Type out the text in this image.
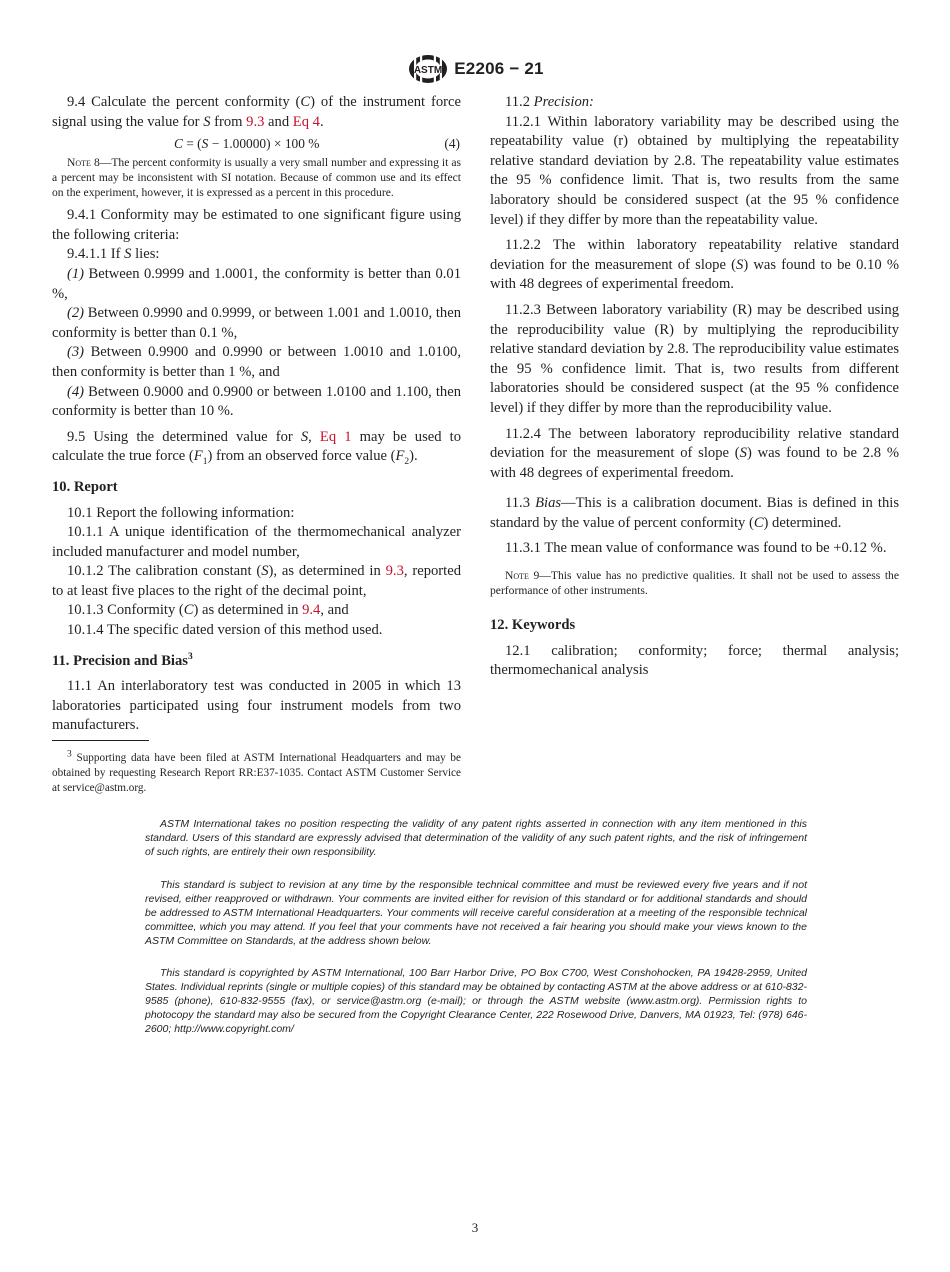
ASTM E2206 − 21

9.4 Calculate the percent conformity (C) of the instrument force signal using the value for S from 9.3 and Eq 4.

C = (S − 1.00000) × 100 %	(4)

Note 8—The percent conformity is usually a very small number and expressing it as a percent may be inconsistent with SI notation. Because of common use and its effect on the experiment, however, it is expressed as a percent in this procedure.

9.4.1 Conformity may be estimated to one significant figure using the following criteria:

9.4.1.1 If S lies:

(1) Between 0.9999 and 1.0001, the conformity is better than 0.01 %,

(2) Between 0.9990 and 0.9999, or between 1.001 and 1.0010, then conformity is better than 0.1 %,

(3) Between 0.9900 and 0.9990 or between 1.0010 and 1.0100, then conformity is better than 1 %, and

(4) Between 0.9000 and 0.9900 or between 1.0100 and 1.100, then conformity is better than 10 %.

9.5 Using the determined value for S, Eq 1 may be used to calculate the true force $(F_1)$ from an observed force value $(F_2)$.

10. Report

10.1 Report the following information:

10.1.1 A unique identification of the thermomechanical analyzer included manufacturer and model number,

10.1.2 The calibration constant (S), as determined in 9.3, reported to at least five places to the right of the decimal point,

10.1.3 Conformity (C) as determined in 9.4, and

10.1.4 The specific dated version of this method used.

11. Precision and Bias$^3$

11.1 An interlaboratory test was conducted in 2005 in which 13 laboratories participated using four instrument models from two manufacturers.

$^3$ Supporting data have been filed at ASTM International Headquarters and may be obtained by requesting Research Report RR:E37-1035. Contact ASTM Customer Service at service@astm.org.

11.2 Precision:

11.2.1 Within laboratory variability may be described using the repeatability value (r) obtained by multiplying the repeatability relative standard deviation by 2.8. The repeatability value estimates the 95 % confidence limit. That is, two results from the same laboratory should be considered suspect (at the 95 % confidence level) if they differ by more than the repeatability value.

11.2.2 The within laboratory repeatability relative standard deviation for the measurement of slope (S) was found to be 0.10 % with 48 degrees of experimental freedom.

11.2.3 Between laboratory variability (R) may be described using the reproducibility value (R) by multiplying the reproducibility relative standard deviation by 2.8. The reproducibility value estimates the 95 % confidence limit. That is, two results from different laboratories should be considered suspect (at the 95 % confidence level) if they differ by more than the reproducibility value.

11.2.4 The between laboratory reproducibility relative standard deviation for the measurement of slope (S) was found to be 2.8 % with 48 degrees of experimental freedom.

11.3 Bias—This is a calibration document. Bias is defined in this standard by the value of percent conformity (C) determined.

11.3.1 The mean value of conformance was found to be +0.12 %.

Note 9—This value has no predictive qualities. It shall not be used to assess the performance of other instruments.

12. Keywords

12.1 calibration; conformity; force; thermal analysis; thermomechanical analysis

ASTM International takes no position respecting the validity of any patent rights asserted in connection with any item mentioned in this standard. Users of this standard are expressly advised that determination of the validity of any such patent rights, and the risk of infringement of such rights, are entirely their own responsibility.

This standard is subject to revision at any time by the responsible technical committee and must be reviewed every five years and if not revised, either reapproved or withdrawn. Your comments are invited either for revision of this standard or for additional standards and should be addressed to ASTM International Headquarters. Your comments will receive careful consideration at a meeting of the responsible technical committee, which you may attend. If you feel that your comments have not received a fair hearing you should make your views known to the ASTM Committee on Standards, at the address shown below.

This standard is copyrighted by ASTM International, 100 Barr Harbor Drive, PO Box C700, West Conshohocken, PA 19428-2959, United States. Individual reprints (single or multiple copies) of this standard may be obtained by contacting ASTM at the above address or at 610-832-9585 (phone), 610-832-9555 (fax), or service@astm.org (e-mail); or through the ASTM website (www.astm.org). Permission rights to photocopy the standard may also be secured from the Copyright Clearance Center, 222 Rosewood Drive, Danvers, MA 01923, Tel: (978) 646-2600; http://www.copyright.com/

3
